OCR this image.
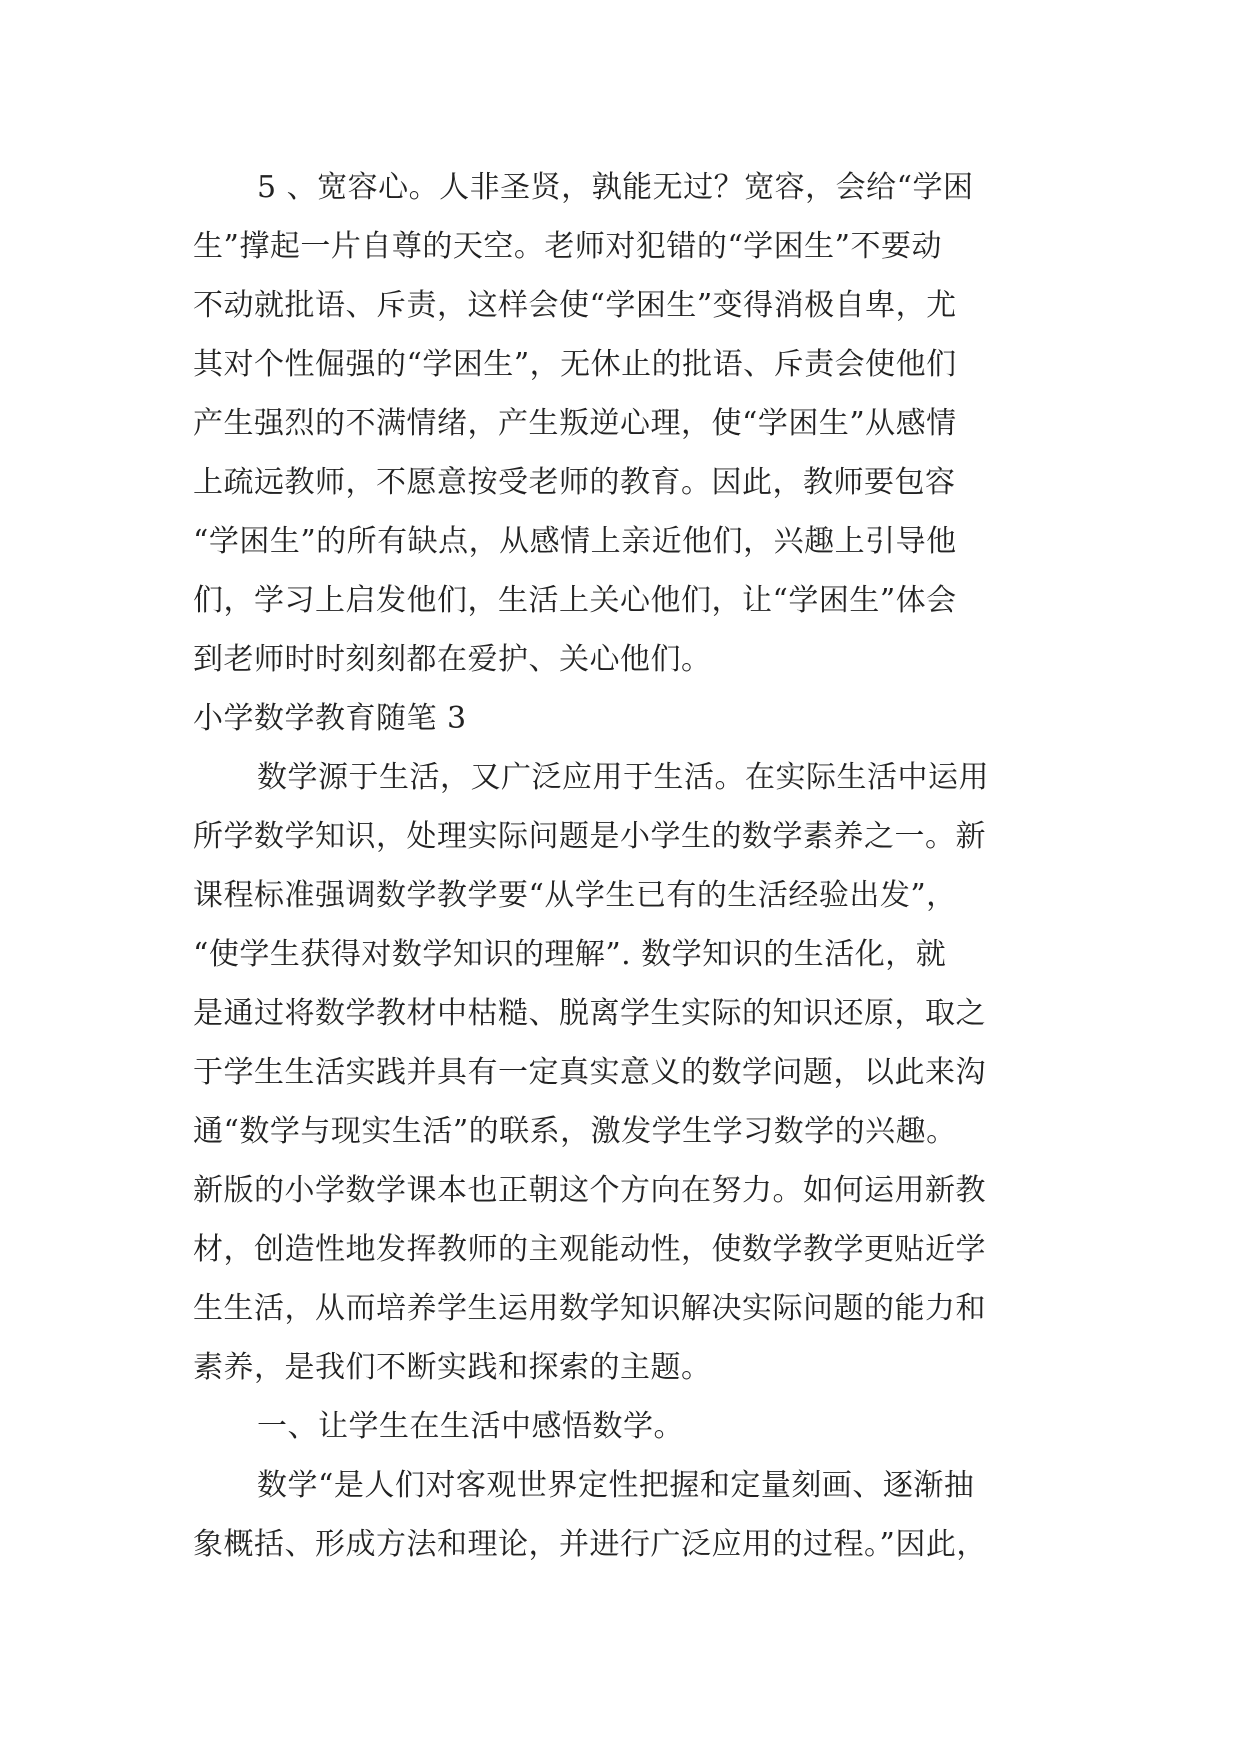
5 、宽容心。人非圣贤，孰能无过？宽容，会给“学困
生”撑起一片自尊的天空。老师对犯错的“学困生”不要动
不动就批语、斥责，这样会使“学困生”变得消极自卑，尤
其对个性倔强的“学困生”，无休止的批语、斥责会使他们
产生强烈的不满情绪，产生叛逆心理，使“学困生”从感情
上疏远教师，不愿意按受老师的教育。因此，教师要包容
“学困生”的所有缺点，从感情上亲近他们，兴趣上引导他
们，学习上启发他们，生活上关心他们，让“学困生”体会
到老师时时刻刻都在爱护、关心他们。
小学数学教育随笔 3
数学源于生活，又广泛应用于生活。在实际生活中运用
所学数学知识，处理实际问题是小学生的数学素养之一。新
课程标准强调数学教学要“从学生已有的生活经验出发”，
“使学生获得对数学知识的理解”. 数学知识的生活化，就
是通过将数学教材中枯糙、脱离学生实际的知识还原，取之
于学生生活实践并具有一定真实意义的数学问题，以此来沟
通“数学与现实生活”的联系，激发学生学习数学的兴趣。
新版的小学数学课本也正朝这个方向在努力。如何运用新教
材，创造性地发挥教师的主观能动性，使数学教学更贴近学
生生活，从而培养学生运用数学知识解决实际问题的能力和
素养，是我们不断实践和探索的主题。
一、让学生在生活中感悟数学。
数学“是人们对客观世界定性把握和定量刻画、逐渐抽
象概括、形成方法和理论，并进行广泛应用的过程。”因此，
